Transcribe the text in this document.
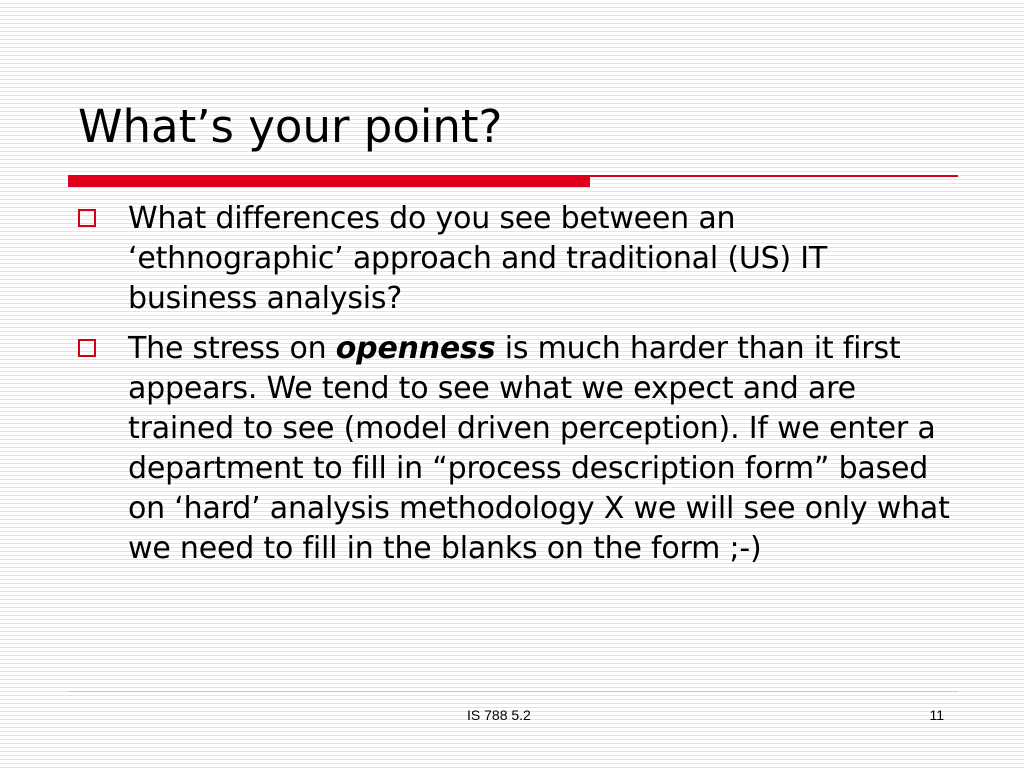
What’s your point?
What differences do you see between an ‘ethnographic’ approach and traditional (US) IT business analysis?
The stress on openness is much harder than it first appears. We tend to see what we expect and are trained to see (model driven perception). If we enter a department to fill in “process description form” based on ‘hard’ analysis methodology X we will see only what we need to fill in the blanks on the form ;-)
IS 788 5.2	11
